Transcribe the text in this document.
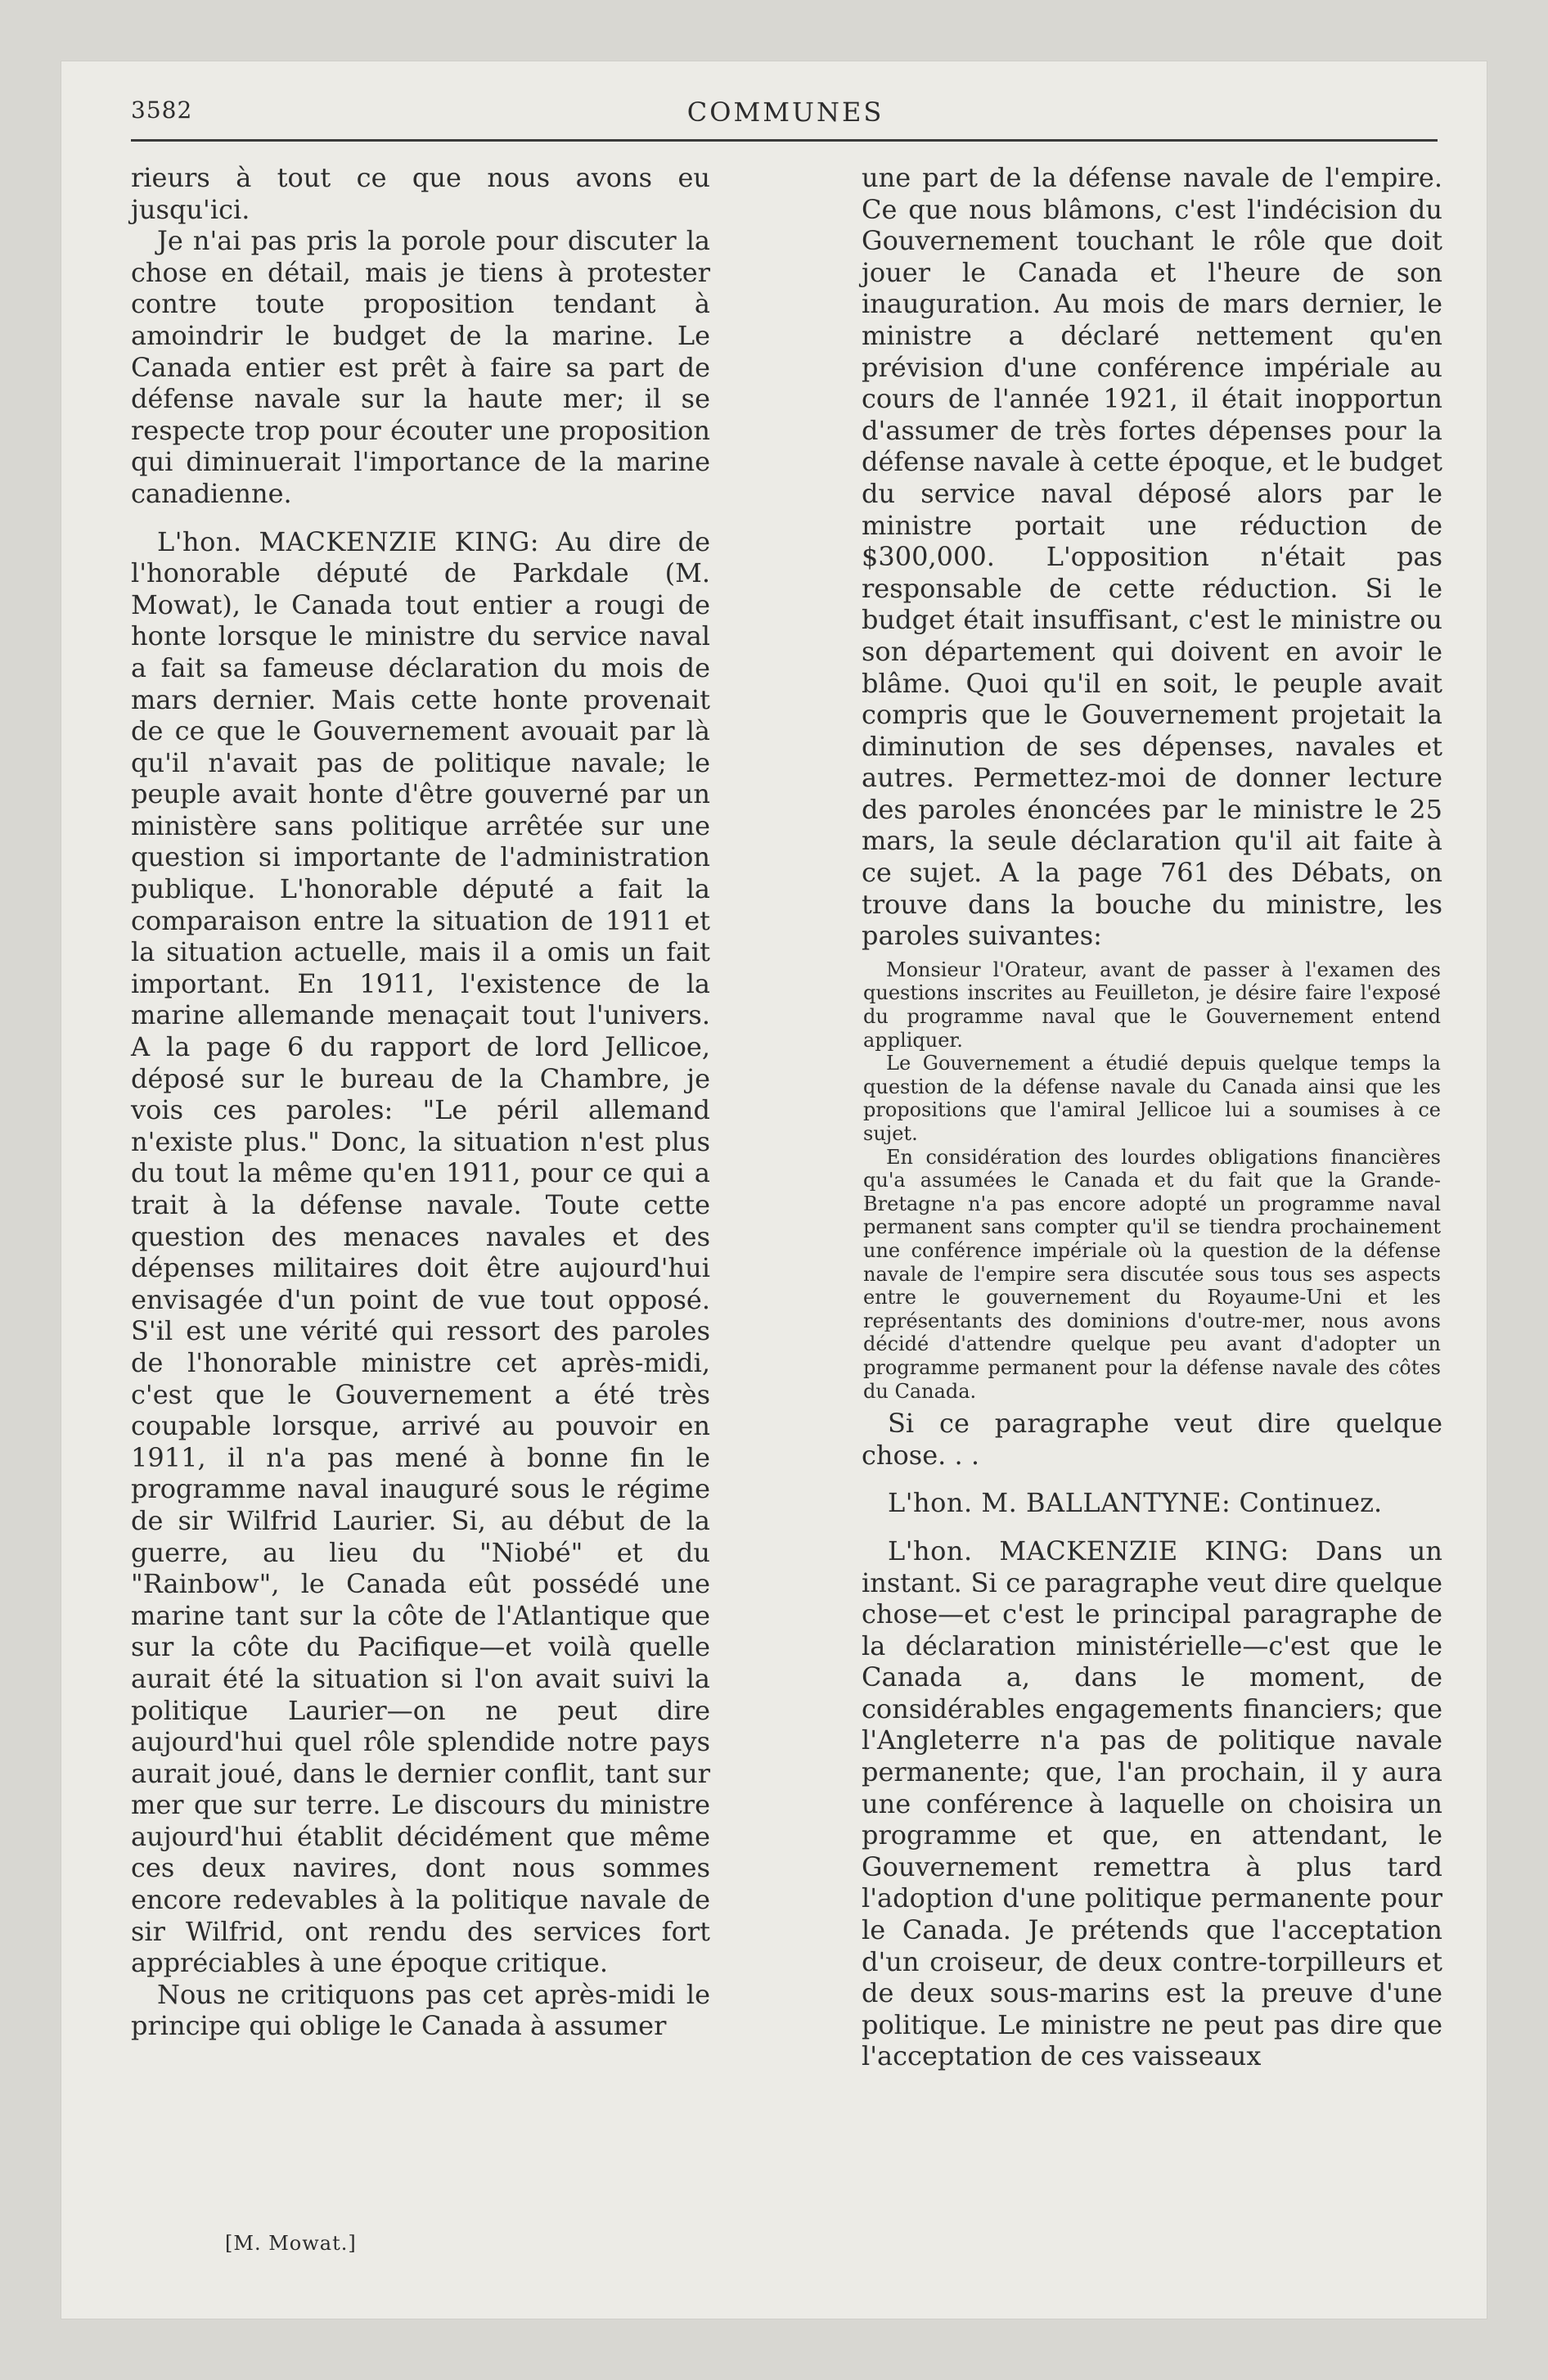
3582	COMMUNES

rieurs à tout ce que nous avons eu jusqu'ici.

Je n'ai pas pris la porole pour discuter la chose en détail, mais je tiens à protester contre toute proposition tendant à amoindrir le budget de la marine. Le Canada entier est prêt à faire sa part de défense navale sur la haute mer; il se respecte trop pour écouter une proposition qui diminuerait l'importance de la marine canadienne.

L'hon. MACKENZIE KING: Au dire de l'honorable député de Parkdale (M. Mowat), le Canada tout entier a rougi de honte lorsque le ministre du service naval a fait sa fameuse déclaration du mois de mars dernier. Mais cette honte provenait de ce que le Gouvernement avouait par là qu'il n'avait pas de politique navale; le peuple avait honte d'être gouverné par un ministère sans politique arrêtée sur une question si importante de l'administration publique. L'honorable député a fait la comparaison entre la situation de 1911 et la situation actuelle, mais il a omis un fait important. En 1911, l'existence de la marine allemande menaçait tout l'univers. A la page 6 du rapport de lord Jellicoe, déposé sur le bureau de la Chambre, je vois ces paroles: "Le péril allemand n'existe plus." Donc, la situation n'est plus du tout la même qu'en 1911, pour ce qui a trait à la défense navale. Toute cette question des menaces navales et des dépenses militaires doit être aujourd'hui envisagée d'un point de vue tout opposé. S'il est une vérité qui ressort des paroles de l'honorable ministre cet après-midi, c'est que le Gouvernement a été très coupable lorsque, arrivé au pouvoir en 1911, il n'a pas mené à bonne fin le programme naval inauguré sous le régime de sir Wilfrid Laurier. Si, au début de la guerre, au lieu du "Niobé" et du "Rainbow", le Canada eût possédé une marine tant sur la côte de l'Atlantique que sur la côte du Pacifique—et voilà quelle aurait été la situation si l'on avait suivi la politique Laurier—on ne peut dire aujourd'hui quel rôle splendide notre pays aurait joué, dans le dernier conflit, tant sur mer que sur terre. Le discours du ministre aujourd'hui établit décidément que même ces deux navires, dont nous sommes encore redevables à la politique navale de sir Wilfrid, ont rendu des services fort appréciables à une époque critique.

Nous ne critiquons pas cet après-midi le principe qui oblige le Canada à assumer

une part de la défense navale de l'empire. Ce que nous blâmons, c'est l'indécision du Gouvernement touchant le rôle que doit jouer le Canada et l'heure de son inauguration. Au mois de mars dernier, le ministre a déclaré nettement qu'en prévision d'une conférence impériale au cours de l'année 1921, il était inopportun d'assumer de très fortes dépenses pour la défense navale à cette époque, et le budget du service naval déposé alors par le ministre portait une réduction de $300,000. L'opposition n'était pas responsable de cette réduction. Si le budget était insuffisant, c'est le ministre ou son département qui doivent en avoir le blâme. Quoi qu'il en soit, le peuple avait compris que le Gouvernement projetait la diminution de ses dépenses, navales et autres. Permettez-moi de donner lecture des paroles énoncées par le ministre le 25 mars, la seule déclaration qu'il ait faite à ce sujet. A la page 761 des Débats, on trouve dans la bouche du ministre, les paroles suivantes:

Monsieur l'Orateur, avant de passer à l'examen des questions inscrites au Feuilleton, je désire faire l'exposé du programme naval que le Gouvernement entend appliquer.

Le Gouvernement a étudié depuis quelque temps la question de la défense navale du Canada ainsi que les propositions que l'amiral Jellicoe lui a soumises à ce sujet.

En considération des lourdes obligations financières qu'a assumées le Canada et du fait que la Grande-Bretagne n'a pas encore adopté un programme naval permanent sans compter qu'il se tiendra prochainement une conférence impériale où la question de la défense navale de l'empire sera discutée sous tous ses aspects entre le gouvernement du Royaume-Uni et les représentants des dominions d'outre-mer, nous avons décidé d'attendre quelque peu avant d'adopter un programme permanent pour la défense navale des côtes du Canada.

Si ce paragraphe veut dire quelque chose. . .

L'hon. M. BALLANTYNE: Continuez.

L'hon. MACKENZIE KING: Dans un instant. Si ce paragraphe veut dire quelque chose—et c'est le principal paragraphe de la déclaration ministérielle—c'est que le Canada a, dans le moment, de considérables engagements financiers; que l'Angleterre n'a pas de politique navale permanente; que, l'an prochain, il y aura une conférence à laquelle on choisira un programme et que, en attendant, le Gouvernement remettra à plus tard l'adoption d'une politique permanente pour le Canada. Je prétends que l'acceptation d'un croiseur, de deux contre-torpilleurs et de deux sous-marins est la preuve d'une politique. Le ministre ne peut pas dire que l'acceptation de ces vaisseaux

[M. Mowat.]
